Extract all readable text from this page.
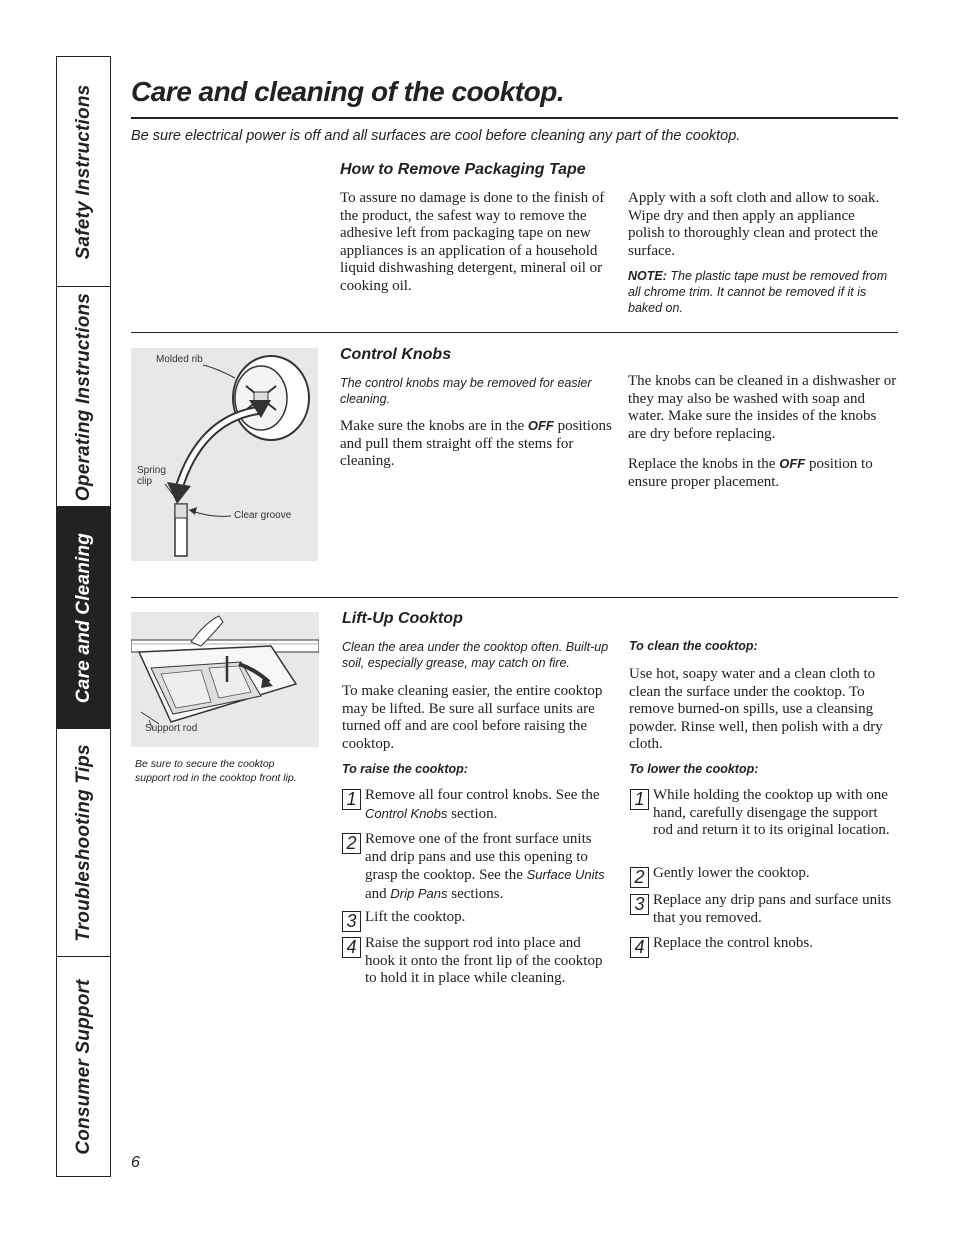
Safety Instructions
Operating Instructions
Care and Cleaning
Troubleshooting Tips
Consumer Support
Care and cleaning of the cooktop.
Be sure electrical power is off and all surfaces are cool before cleaning any part of the cooktop.
How to Remove Packaging Tape
To assure no damage is done to the finish of the product, the safest way to remove the adhesive left from packaging tape on new appliances is an application of a household liquid dishwashing detergent, mineral oil or cooking oil.
Apply with a soft cloth and allow to soak. Wipe dry and then apply an appliance polish to thoroughly clean and protect the surface.
NOTE: The plastic tape must be removed from all chrome trim. It cannot be removed if it is baked on.
Molded rib
Spring clip
Clear groove
Control Knobs
The control knobs may be removed for easier cleaning.
Make sure the knobs are in the OFF positions and pull them straight off the stems for cleaning.
The knobs can be cleaned in a dishwasher or they may also be washed with soap and water. Make sure the insides of the knobs are dry before replacing.
Replace the knobs in the OFF position to ensure proper placement.
Support rod
Be sure to secure the cooktop support rod in the cooktop front lip.
Lift-Up Cooktop
Clean the area under the cooktop often. Built-up soil, especially grease, may catch on fire.
To make cleaning easier, the entire cooktop may be lifted. Be sure all surface units are turned off and are cool before raising the cooktop.
To raise the cooktop:
1 Remove all four control knobs. See the Control Knobs section.
2 Remove one of the front surface units and drip pans and use this opening to grasp the cooktop. See the Surface Units and Drip Pans sections.
3 Lift the cooktop.
4 Raise the support rod into place and hook it onto the front lip of the cooktop to hold it in place while cleaning.
To clean the cooktop:
Use hot, soapy water and a clean cloth to clean the surface under the cooktop. To remove burned-on spills, use a cleansing powder. Rinse well, then polish with a dry cloth.
To lower the cooktop:
1 While holding the cooktop up with one hand, carefully disengage the support rod and return it to its original location.
2 Gently lower the cooktop.
3 Replace any drip pans and surface units that you removed.
4 Replace the control knobs.
6
